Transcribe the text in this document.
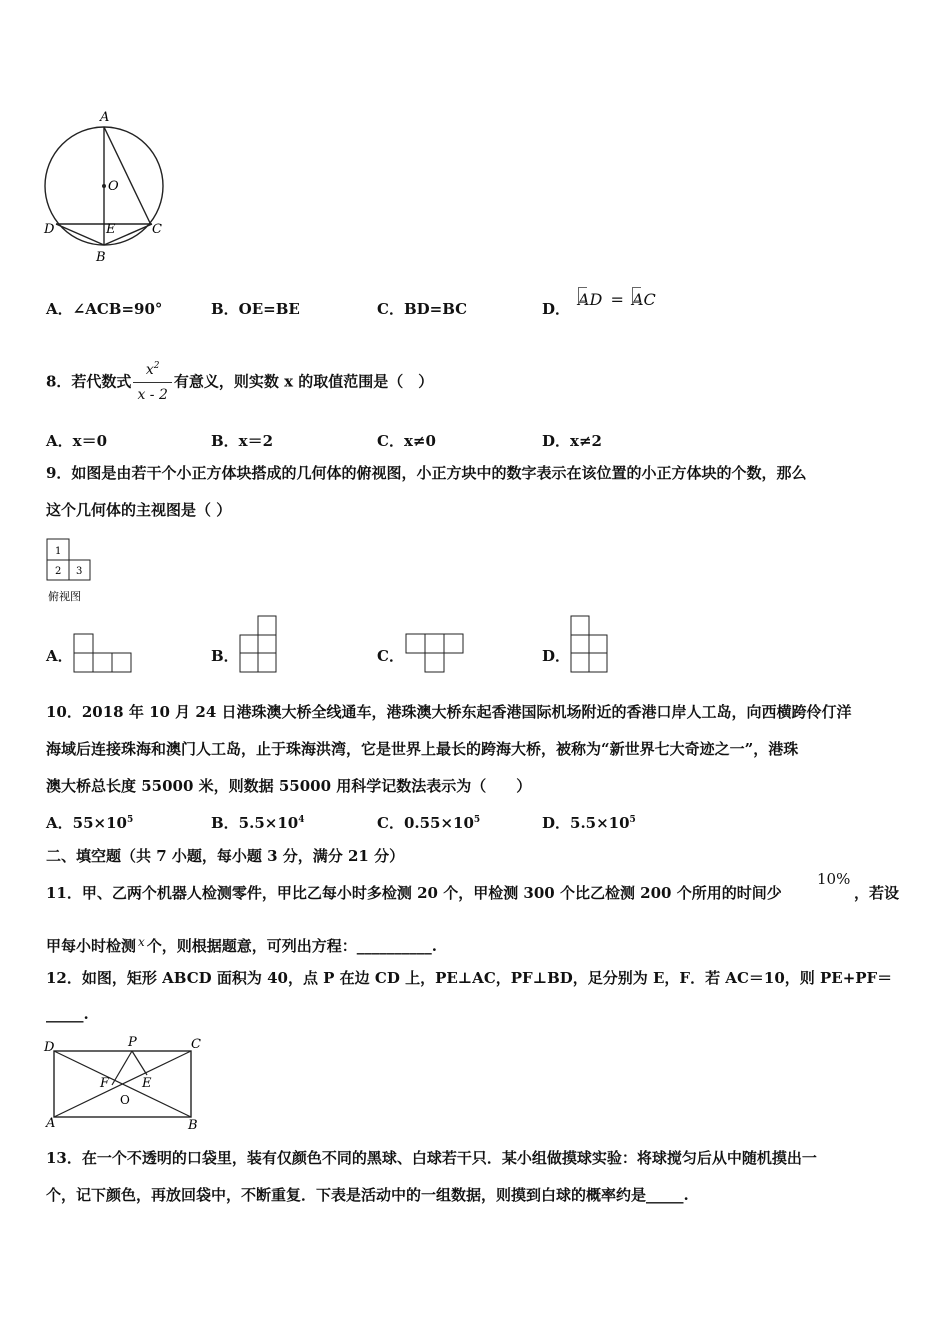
A
O
D	E	C
B
A．∠ACB=90°	B．OE=BE	C．BD=BC	D． AD = AC
8．若代数式 $\frac{x^2}{x - 2}$ 有意义，则实数 x 的取值范围是（　）
A．x＝0	B．x＝2	C．x≠0	D．x≠2
9．如图是由若干个小正方体块搭成的几何体的俯视图，小正方块中的数字表示在该位置的小正方体块的个数，那么
这个几何体的主视图是（ ）
1
2 3
俯视图
A．	B．	C．	D．
10．2018 年 10 月 24 日港珠澳大桥全线通车，港珠澳大桥东起香港国际机场附近的香港口岸人工岛，向西横跨伶仃洋
海域后连接珠海和澳门人工岛，止于珠海洪湾，它是世界上最长的跨海大桥，被称为“新世界七大奇迹之一”，港珠
澳大桥总长度 55000 米，则数据 55000 用科学记数法表示为（　　）
A．$55\times 10^5$	B．$5.5\times 10^4$	C．$0.55\times 10^5$	D．$5.5\times 10^5$
二、填空题（共 7 小题，每小题 3 分，满分 21 分）
11．甲、乙两个机器人检测零件，甲比乙每小时多检测 20 个，甲检测 300 个比乙检测 200 个所用的时间少
10%
，若设
甲每小时检测 $^x$ 个，则根据题意，可列出方程：__________.
12．如图，矩形 ABCD 面积为 40，点 P 在边 CD 上，PE⊥AC，PF⊥BD，足分别为 E，F．若 AC＝10，则 PE+PF＝
_____.
D	P	C
F	E
O
A	B
13．在一个不透明的口袋里，装有仅颜色不同的黑球、白球若干只．某小组做摸球实验：将球搅匀后从中随机摸出一
个，记下颜色，再放回袋中，不断重复．下表是活动中的一组数据，则摸到白球的概率约是_____.
